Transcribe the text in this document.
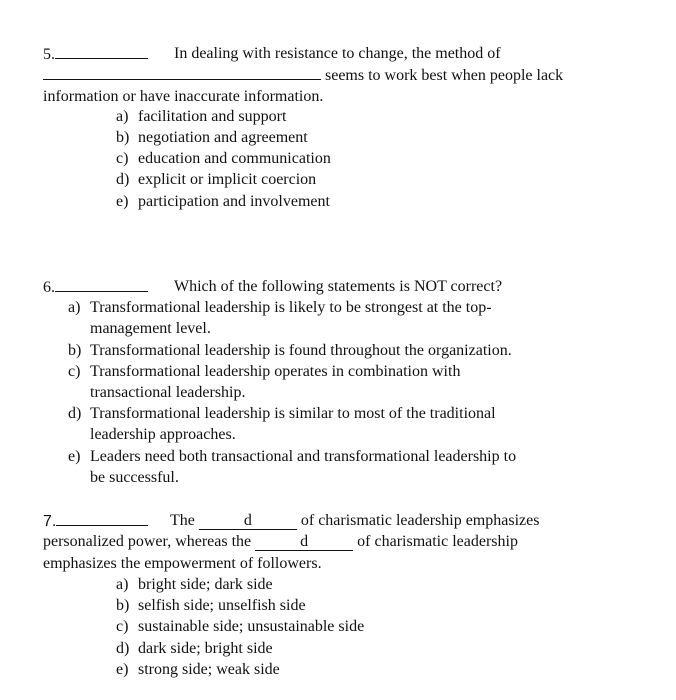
5.	In dealing with resistance to change, the method of
seems to work best when people lack
information or have inaccurate information.
a) facilitation and support
b) negotiation and agreement
c) education and communication
d) explicit or implicit coercion
e) participation and involvement
6.	Which of the following statements is NOT correct?
a) Transformational leadership is likely to be strongest at the top-
management level.
b) Transformational leadership is found throughout the organization.
c) Transformational leadership operates in combination with
transactional leadership.
d) Transformational leadership is similar to most of the traditional
leadership approaches.
e) Leaders need both transactional and transformational leadership to
be successful.
7.	The	d	of charismatic leadership emphasizes
personalized power, whereas the	d	of charismatic leadership
emphasizes the empowerment of followers.
a) bright side; dark side
b) selfish side; unselfish side
c) sustainable side; unsustainable side
d) dark side; bright side
e) strong side; weak side
